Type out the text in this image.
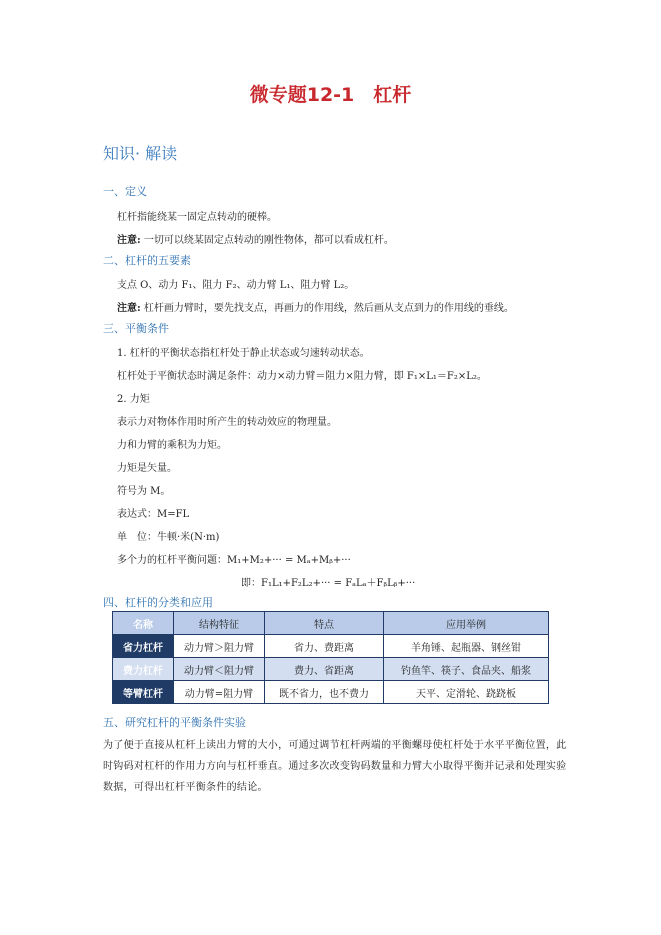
微专题12-1　杠杆
知识· 解读
一、定义
杠杆指能绕某一固定点转动的硬棒。
注意: 一切可以绕某固定点转动的刚性物体，都可以看成杠杆。
二、杠杆的五要素
支点 O、动力 F₁、阻力 F₂、动力臂 L₁、阻力臂 L₂。
注意: 杠杆画力臂时，要先找支点，再画力的作用线，然后画从支点到力的作用线的垂线。
三、平衡条件
1. 杠杆的平衡状态指杠杆处于静止状态或匀速转动状态。
杠杆处于平衡状态时满足条件：动力×动力臂＝阻力×阻力臂，即 F₁×L₁＝F₂×L₂。
2. 力矩
表示力对物体作用时所产生的转动效应的物理量。
力和力臂的乘积为力矩。
力矩是矢量。
符号为 M。
表达式：M=FL
单　位：牛顿·米(N·m)
多个力的杠杆平衡问题：M₁+M₂+··· = Mₐ+Mᵦ+···
即：F₁L₁+F₂L₂+··· = FₐLₐ＋FᵦLᵦ+···
四、杠杆的分类和应用
名称	结构特征	特点	应用举例
省力杠杆	动力臂＞阻力臂	省力、费距离	羊角锤、起瓶器、钢丝钳
费力杠杆	动力臂＜阻力臂	费力、省距离	钓鱼竿、筷子、食品夹、船浆
等臂杠杆	动力臂=阻力臂	既不省力，也不费力	天平、定滑轮、跷跷板
五、研究杠杆的平衡条件实验
为了便于直接从杠杆上读出力臂的大小，可通过调节杠杆两端的平衡螺母使杠杆处于水平平衡位置，此时钩码对杠杆的作用力方向与杠杆垂直。通过多次改变钩码数量和力臂大小取得平衡并记录和处理实验数据，可得出杠杆平衡条件的结论。
